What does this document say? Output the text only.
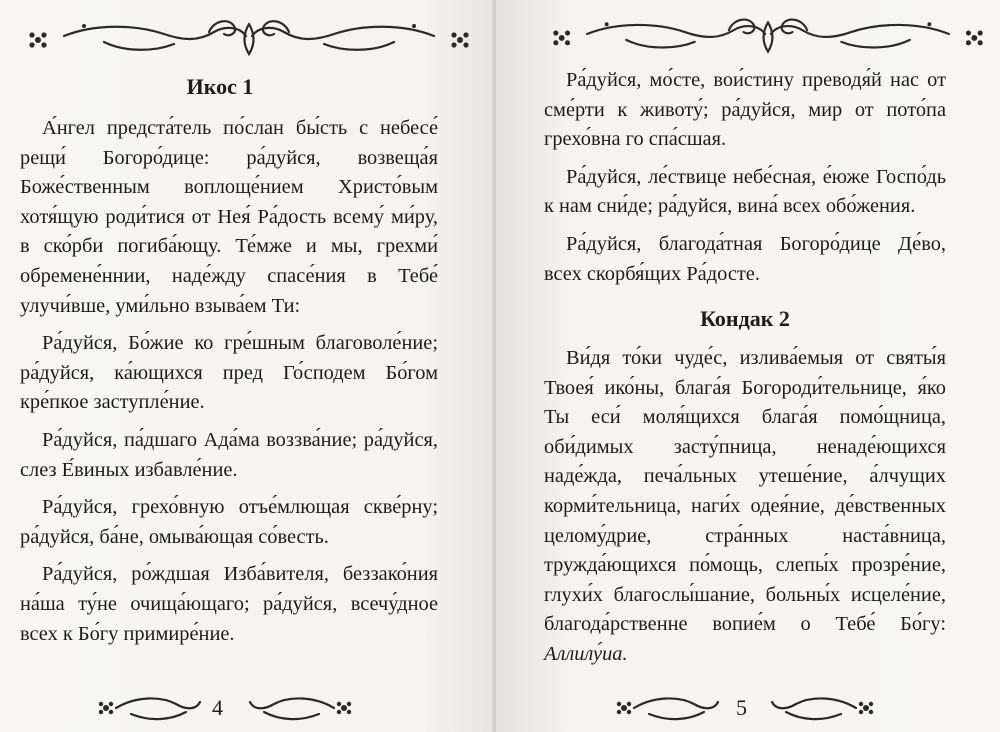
Икос 1

А́нгел предста́тель по́слан бы́сть с небесе́ рещи́ Богоро́дице: ра́дуйся, возвеща́я Боже́ственным воплоще́нием Христо́вым хотя́щую роди́тися от Нея́ Ра́дость всему́ ми́ру, в ско́рби погиба́ющу. Те́мже и мы, грехми́ обремене́ннии, наде́жду спасе́ния в Тебе́ улучи́вше, уми́льно взыва́ем Ти:

Ра́дуйся, Бо́жие ко гре́шным благоволе́ние; ра́дуйся, ка́ющихся пред Го́сподем Бо́гом кре́пкое заступле́ние.

Ра́дуйся, па́дшаго Ада́ма воззва́ние; ра́дуйся, слез Е́виных избавле́ние.

Ра́дуйся, грехо́вную отъе́млющая скве́рну; ра́дуйся, ба́не, омыва́ющая со́весть.

Ра́дуйся, ро́ждшая Изба́вителя, беззако́ния на́ша ту́не очища́ющаго; ра́дуйся, всечу́дное всех к Бо́гу примире́ние.

4

Ра́дуйся, мо́сте, вои́стину преводя́й нас от сме́рти к животу́; ра́дуйся, мир от пото́па грехо́вна го спа́сшая.

Ра́дуйся, ле́ствице небе́сная, е́юже Госпо́дь к нам сни́де; ра́дуйся, вина́ всех обо́жения.

Ра́дуйся, благода́тная Богоро́дице Де́во, всех скорбя́щих Ра́досте.

Кондак 2

Ви́дя то́ки чуде́с, излива́емыя от святы́я Твоея́ ико́ны, блага́я Богороди́тельнице, я́ко Ты еси́ моля́щихся блага́я помо́щница, оби́димых засту́пница, ненаде́ющихся наде́жда, печа́льных утеше́ние, а́лчущих корми́тельница, наги́х одея́ние, де́вственных целому́дрие, стра́нных наста́вница, тружда́ющихся по́мощь, слепы́х прозре́ние, глухи́х благослы́шание, больны́х исцеле́ние, благода́рственне вопие́м о Тебе́ Бо́гу: Аллилу́иа.

5
